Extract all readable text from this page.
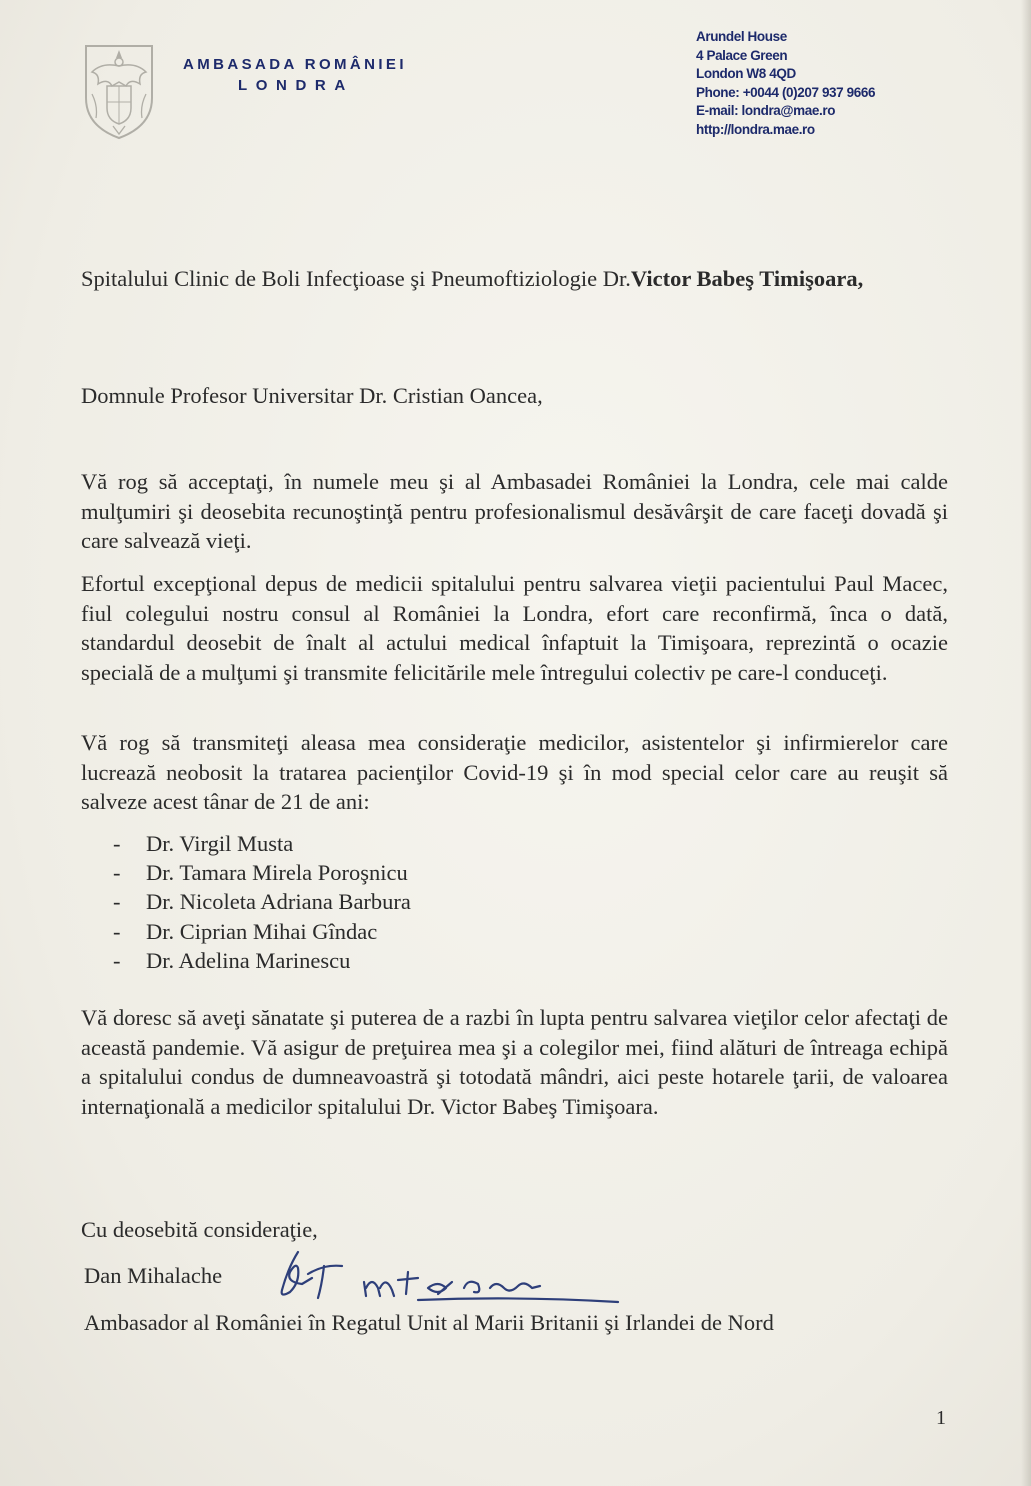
AMBASADA ROMÂNIEI
LONDRA
Arundel House
4 Palace Green
London W8 4QD
Phone: +0044 (0)207 937 9666
E-mail: londra@mae.ro
http://londra.mae.ro
Spitalului Clinic de Boli Infecţioase şi Pneumoftiziologie Dr.Victor Babeş Timişoara,
Domnule Profesor Universitar Dr. Cristian Oancea,
Vă rog să acceptaţi, în numele meu şi al Ambasadei României la Londra, cele mai calde mulţumiri şi deosebita recunoştinţă pentru profesionalismul desăvârşit de care faceţi dovadă şi care salvează vieţi.
Efortul excepţional depus de medicii spitalului pentru salvarea vieţii pacientului Paul Macec, fiul colegului nostru consul al României la Londra, efort care reconfirmă, înca o dată, standardul deosebit de înalt al actului medical înfaptuit la Timişoara, reprezintă o ocazie specială de a mulţumi şi transmite felicitările mele întregului colectiv pe care-l conduceţi.
Vă rog să transmiteţi aleasa mea consideraţie medicilor, asistentelor şi infirmierelor care lucrează neobosit la tratarea pacienţilor Covid-19 şi în mod special celor care au reuşit să salveze acest tânar de 21 de ani:
- Dr. Virgil Musta
- Dr. Tamara Mirela Poroşnicu
- Dr. Nicoleta Adriana Barbura
- Dr. Ciprian Mihai Gîndac
- Dr. Adelina Marinescu
Vă doresc să aveţi sănatate şi puterea de a razbi în lupta pentru salvarea vieţilor celor afectaţi de această pandemie. Vă asigur de preţuirea mea şi a colegilor mei, fiind alături de întreaga echipă a spitalului condus de dumneavoastră şi totodată mândri, aici peste hotarele ţarii, de valoarea internaţională a medicilor spitalului Dr. Victor Babeş Timişoara.
Cu deosebită consideraţie,
Dan Mihalache
Ambasador al României în Regatul Unit al Marii Britanii şi Irlandei de Nord
1
